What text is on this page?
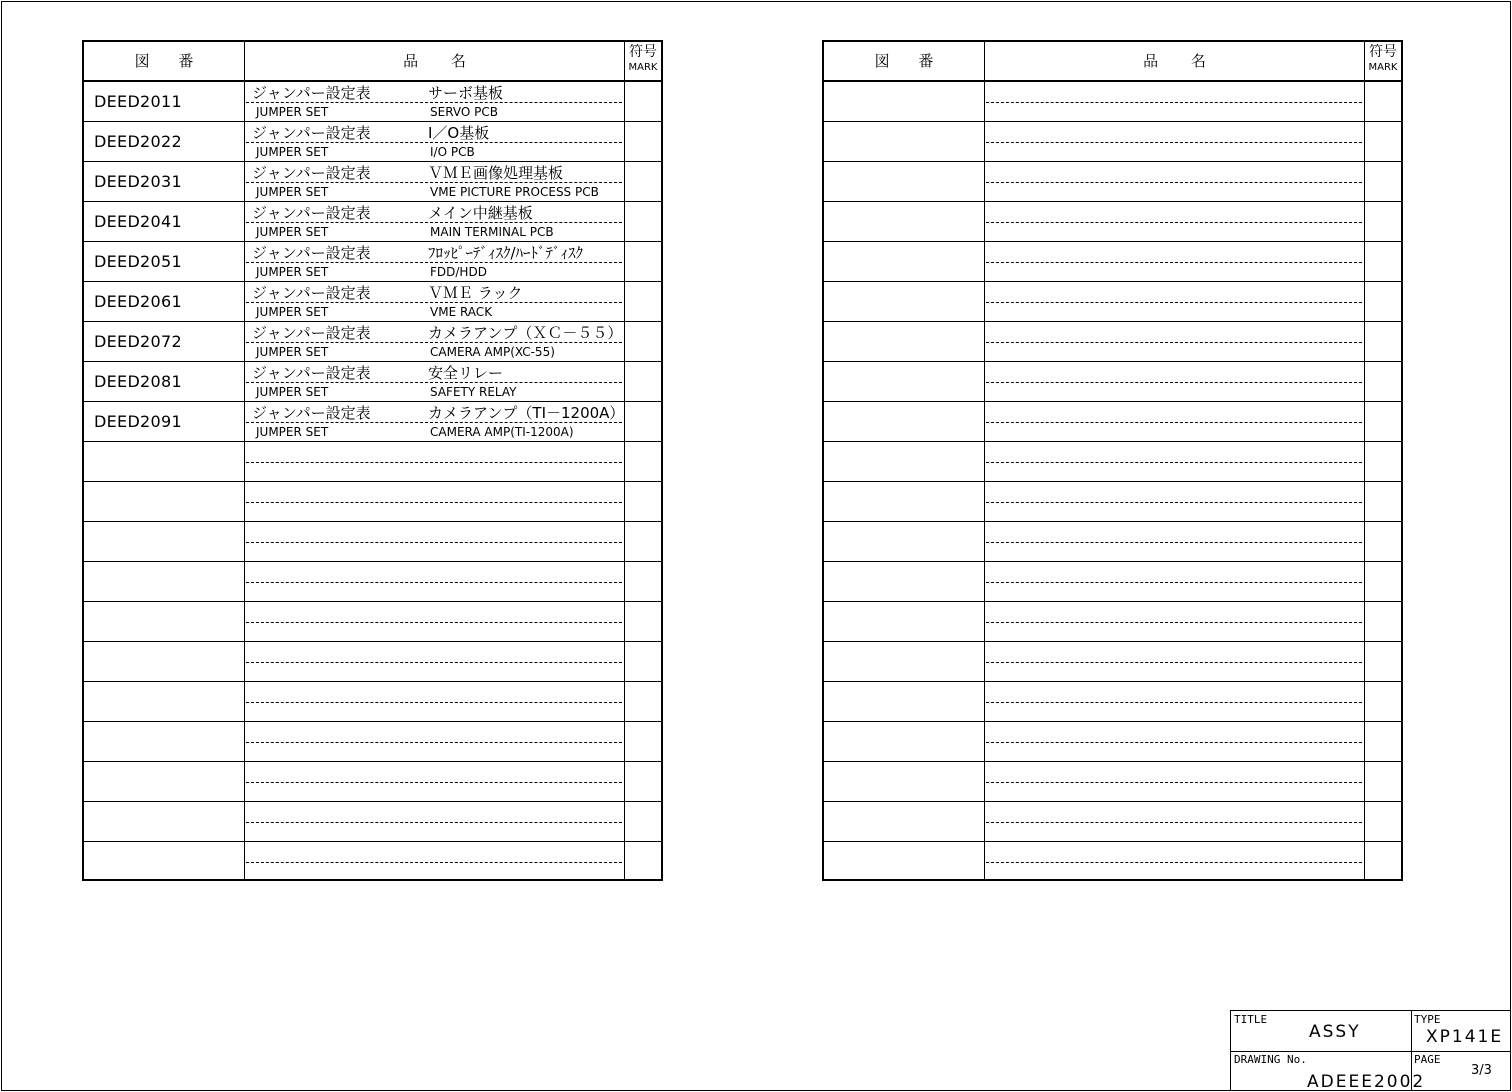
図 番	品 名	符号
MARK
DEED2011	ジャンパー設定表	サーボ基板
JUMPER SET	SERVO PCB
DEED2022	ジャンパー設定表	I／O基板
JUMPER SET	I/O PCB
DEED2031	ジャンパー設定表	ＶＭＥ画像処理基板
JUMPER SET	VME PICTURE PROCESS PCB
DEED2041	ジャンパー設定表	メイン中継基板
JUMPER SET	MAIN TERMINAL PCB
DEED2051	ジャンパー設定表	ﾌﾛｯﾋﾟｰﾃﾞｨｽｸ/ﾊｰﾄﾞﾃﾞｨｽｸ
JUMPER SET	FDD/HDD
DEED2061	ジャンパー設定表	ＶＭＥ ラック
JUMPER SET	VME RACK
DEED2072	ジャンパー設定表	カメラアンプ（ＸＣ－５５）
JUMPER SET	CAMERA AMP(XC-55)
DEED2081	ジャンパー設定表	安全リレー
JUMPER SET	SAFETY RELAY
DEED2091	ジャンパー設定表	カメラアンプ（TI－1200A）
JUMPER SET	CAMERA AMP(TI-1200A)
図 番	品 名	符号
MARK
TITLE
ASSY
TYPE
XP141E
DRAWING No.
ADEEE2002
PAGE
3/3
